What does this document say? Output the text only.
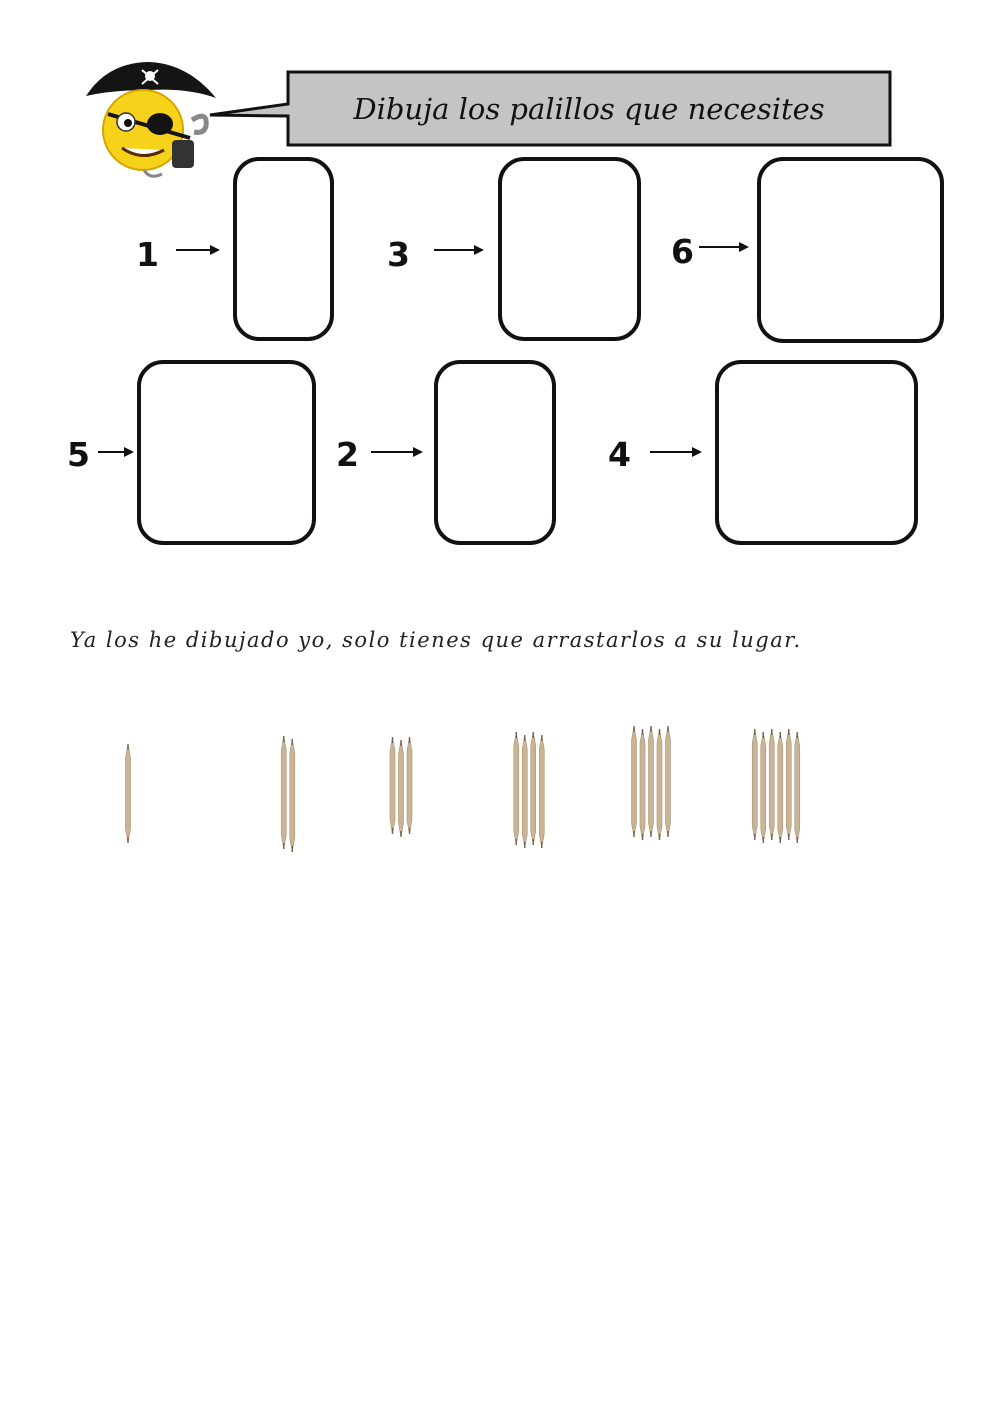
Dibuja los palillos que necesites
1	3	6
5	2	4
Ya los he dibujado yo, solo tienes que arrastarlos a su lugar.
